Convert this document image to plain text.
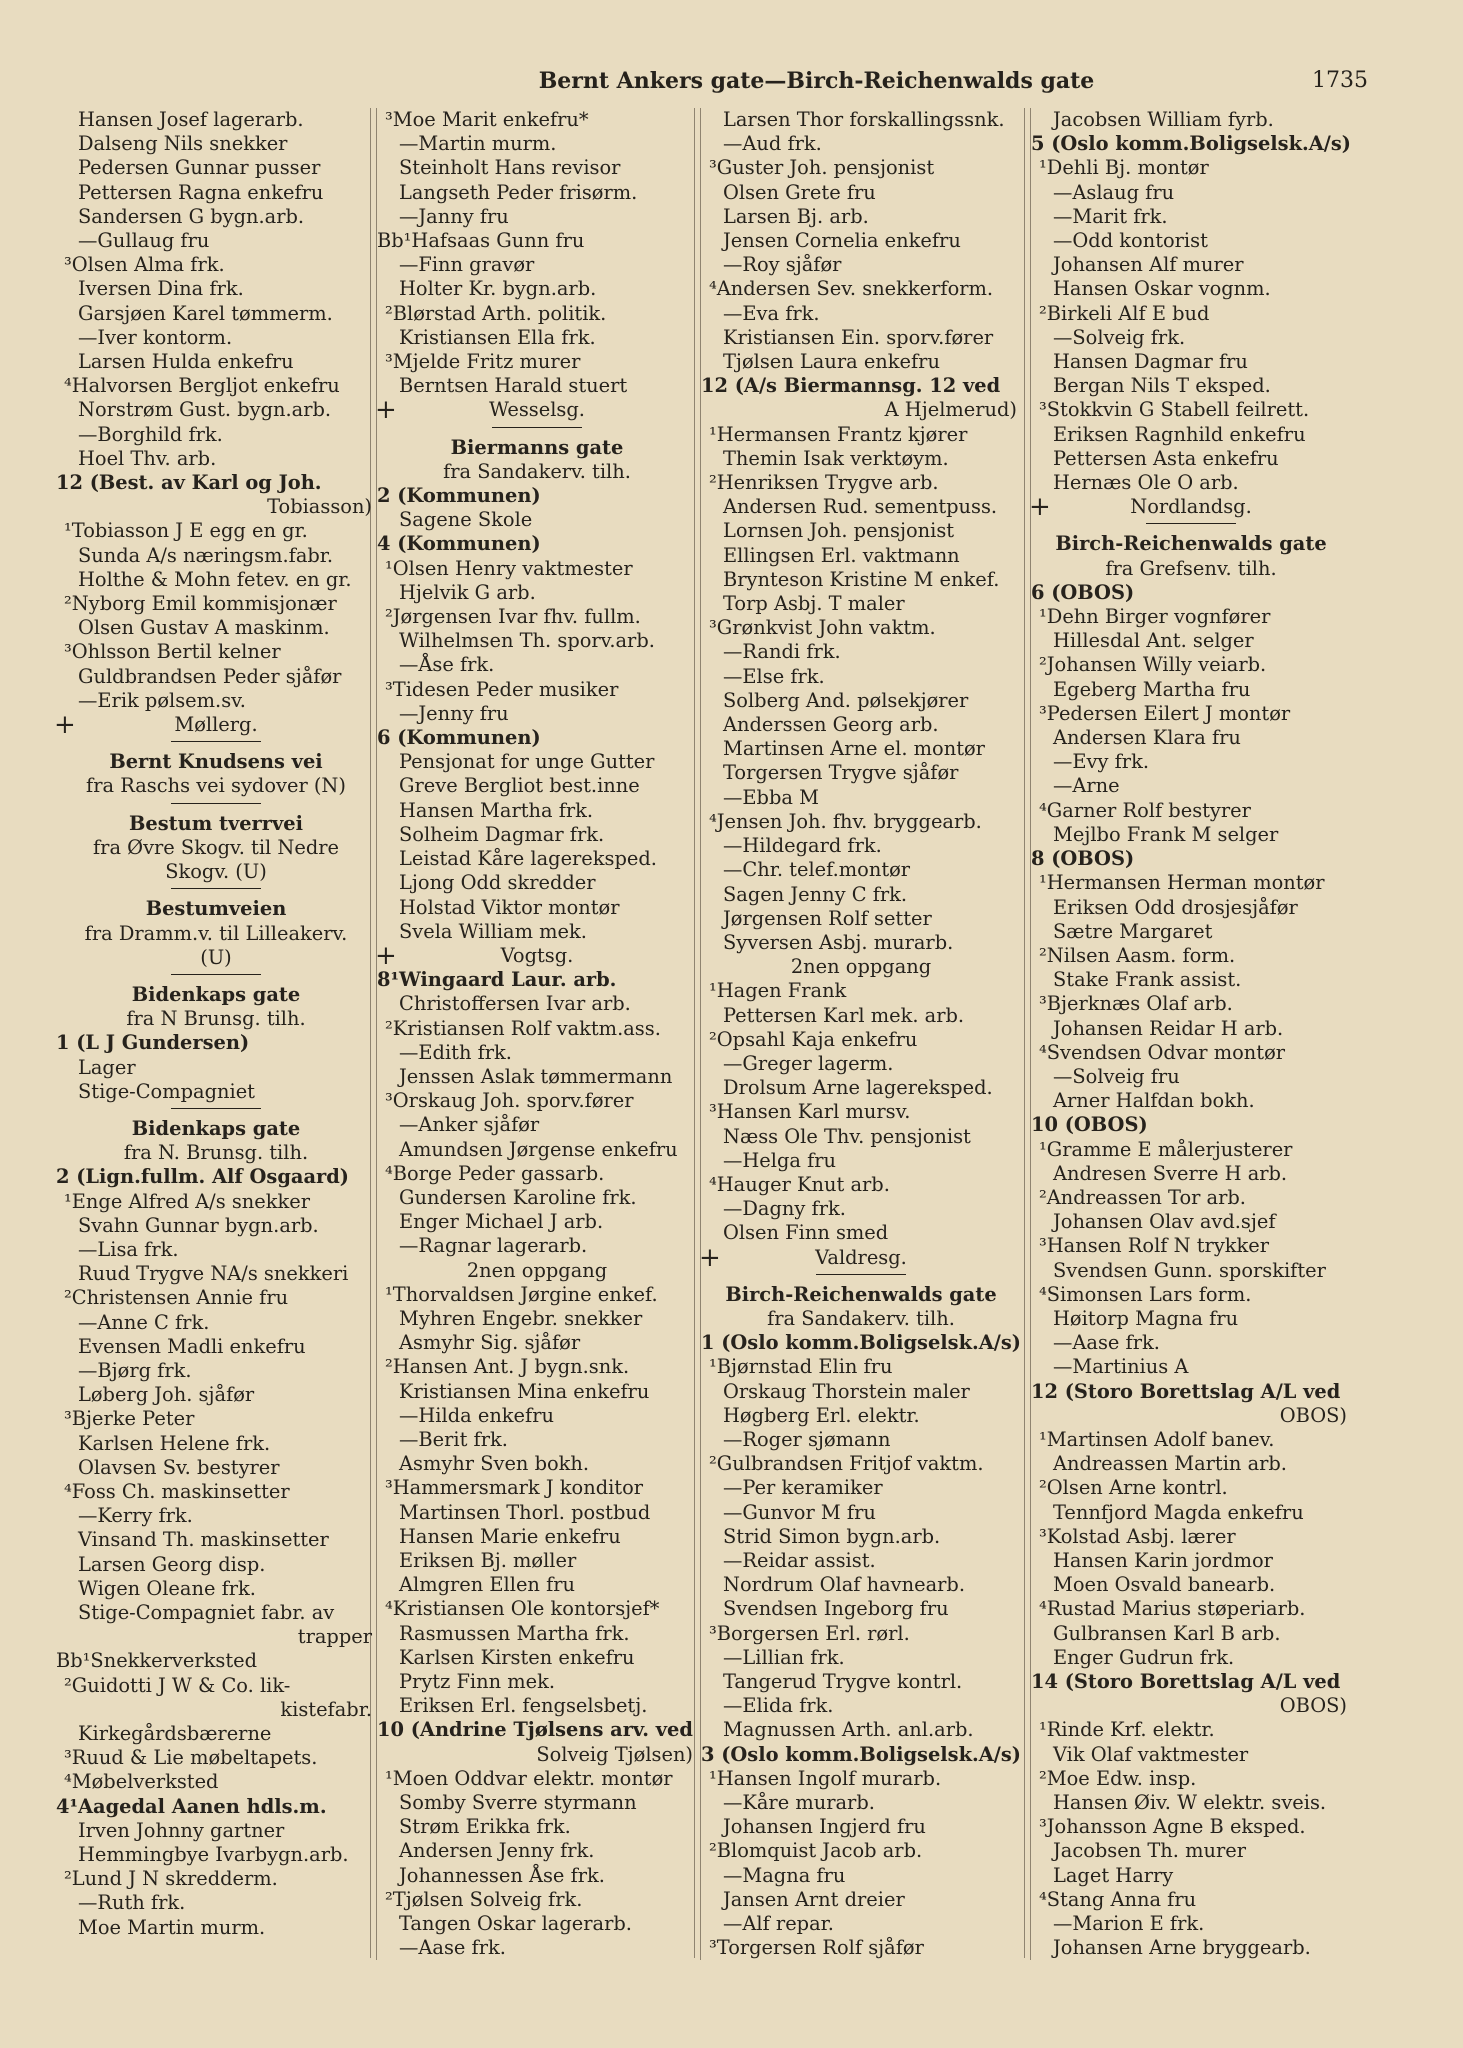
Bernt Ankers gate—Birch-Reichenwalds gate	1735
Hansen Josef lagerarb.
Dalseng Nils snekker
Pedersen Gunnar pusser
Pettersen Ragna enkefru
Sandersen G bygn.arb.
—Gullaug fru
³Olsen Alma frk.
Iversen Dina frk.
Garsjøen Karel tømmerm.
—Iver kontorm.
Larsen Hulda enkefru
⁴Halvorsen Bergljot enkefru
Norstrøm Gust. bygn.arb.
—Borghild frk.
Hoel Thv. arb.
12 (Best. av Karl og Joh.
Tobiasson)
¹Tobiasson J E egg en gr.
Sunda A/s næringsm.fabr.
Holthe & Mohn fetev. en gr.
²Nyborg Emil kommisjonær
Olsen Gustav A maskinm.
³Ohlsson Bertil kelner
Guldbrandsen Peder sjåfør
—Erik pølsem.sv.
+	Møllerg.
Bernt Knudsens vei
fra Raschs vei sydover (N)
Bestum tverrvei
fra Øvre Skogv. til Nedre
Skogv. (U)
Bestumveien
fra Dramm.v. til Lilleakerv.
(U)
Bidenkaps gate
fra N Brunsg. tilh.
1 (L J Gundersen)
Lager
Stige-Compagniet
Bidenkaps gate
fra N. Brunsg. tilh.
2 (Lign.fullm. Alf Osgaard)
¹Enge Alfred A/s snekker
Svahn Gunnar bygn.arb.
—Lisa frk.
Ruud Trygve NA/s snekkeri
²Christensen Annie fru
—Anne C frk.
Evensen Madli enkefru
—Bjørg frk.
Løberg Joh. sjåfør
³Bjerke Peter
Karlsen Helene frk.
Olavsen Sv. bestyrer
⁴Foss Ch. maskinsetter
—Kerry frk.
Vinsand Th. maskinsetter
Larsen Georg disp.
Wigen Oleane frk.
Stige-Compagniet fabr. av
trapper
Bb¹Snekkerverksted
²Guidotti J W & Co. lik-
kistefabr.
Kirkegårdsbærerne
³Ruud & Lie møbeltapets.
⁴Møbelverksted
4¹Aagedal Aanen hdls.m.
Irven Johnny gartner
Hemmingbye Ivarbygn.arb.
²Lund J N skredderm.
—Ruth frk.
Moe Martin murm.
³Moe Marit enkefru*
—Martin murm.
Steinholt Hans revisor
Langseth Peder frisørm.
—Janny fru
Bb¹Hafsaas Gunn fru
—Finn gravør
Holter Kr. bygn.arb.
²Blørstad Arth. politik.
Kristiansen Ella frk.
³Mjelde Fritz murer
Berntsen Harald stuert
+	Wesselsg.
Biermanns gate
fra Sandakerv. tilh.
2 (Kommunen)
Sagene Skole
4 (Kommunen)
¹Olsen Henry vaktmester
Hjelvik G arb.
²Jørgensen Ivar fhv. fullm.
Wilhelmsen Th. sporv.arb.
—Åse frk.
³Tidesen Peder musiker
—Jenny fru
6 (Kommunen)
Pensjonat for unge Gutter
Greve Bergliot best.inne
Hansen Martha frk.
Solheim Dagmar frk.
Leistad Kåre lagereksped.
Ljong Odd skredder
Holstad Viktor montør
Svela William mek.
+	Vogtsg.
8¹Wingaard Laur. arb.
Christoffersen Ivar arb.
²Kristiansen Rolf vaktm.ass.
—Edith frk.
Jenssen Aslak tømmermann
³Orskaug Joh. sporv.fører
—Anker sjåfør
Amundsen Jørgense enkefru
⁴Borge Peder gassarb.
Gundersen Karoline frk.
Enger Michael J arb.
—Ragnar lagerarb.
2nen oppgang
¹Thorvaldsen Jørgine enkef.
Myhren Engebr. snekker
Asmyhr Sig. sjåfør
²Hansen Ant. J bygn.snk.
Kristiansen Mina enkefru
—Hilda enkefru
—Berit frk.
Asmyhr Sven bokh.
³Hammersmark J konditor
Martinsen Thorl. postbud
Hansen Marie enkefru
Eriksen Bj. møller
Almgren Ellen fru
⁴Kristiansen Ole kontorsjef*
Rasmussen Martha frk.
Karlsen Kirsten enkefru
Prytz Finn mek.
Eriksen Erl. fengselsbetj.
10 (Andrine Tjølsens arv. ved
Solveig Tjølsen)
¹Moen Oddvar elektr. montør
Somby Sverre styrmann
Strøm Erikka frk.
Andersen Jenny frk.
Johannessen Åse frk.
²Tjølsen Solveig frk.
Tangen Oskar lagerarb.
—Aase frk.
Larsen Thor forskallingssnk.
—Aud frk.
³Guster Joh. pensjonist
Olsen Grete fru
Larsen Bj. arb.
Jensen Cornelia enkefru
—Roy sjåfør
⁴Andersen Sev. snekkerform.
—Eva frk.
Kristiansen Ein. sporv.fører
Tjølsen Laura enkefru
12 (A/s Biermannsg. 12 ved
A Hjelmerud)
¹Hermansen Frantz kjører
Themin Isak verktøym.
²Henriksen Trygve arb.
Andersen Rud. sementpuss.
Lornsen Joh. pensjonist
Ellingsen Erl. vaktmann
Brynteson Kristine M enkef.
Torp Asbj. T maler
³Grønkvist John vaktm.
—Randi frk.
—Else frk.
Solberg And. pølsekjører
Anderssen Georg arb.
Martinsen Arne el. montør
Torgersen Trygve sjåfør
—Ebba M
⁴Jensen Joh. fhv. bryggearb.
—Hildegard frk.
—Chr. telef.montør
Sagen Jenny C frk.
Jørgensen Rolf setter
Syversen Asbj. murarb.
2nen oppgang
¹Hagen Frank
Pettersen Karl mek. arb.
²Opsahl Kaja enkefru
—Greger lagerm.
Drolsum Arne lagereksped.
³Hansen Karl mursv.
Næss Ole Thv. pensjonist
—Helga fru
⁴Hauger Knut arb.
—Dagny frk.
Olsen Finn smed
+	Valdresg.
Birch-Reichenwalds gate
fra Sandakerv. tilh.
1 (Oslo komm.Boligselsk.A/s)
¹Bjørnstad Elin fru
Orskaug Thorstein maler
Høgberg Erl. elektr.
—Roger sjømann
²Gulbrandsen Fritjof vaktm.
—Per keramiker
—Gunvor M fru
Strid Simon bygn.arb.
—Reidar assist.
Nordrum Olaf havnearb.
Svendsen Ingeborg fru
³Borgersen Erl. rørl.
—Lillian frk.
Tangerud Trygve kontrl.
—Elida frk.
Magnussen Arth. anl.arb.
3 (Oslo komm.Boligselsk.A/s)
¹Hansen Ingolf murarb.
—Kåre murarb.
Johansen Ingjerd fru
²Blomquist Jacob arb.
—Magna fru
Jansen Arnt dreier
—Alf repar.
³Torgersen Rolf sjåfør
Jacobsen William fyrb.
5 (Oslo komm.Boligselsk.A/s)
¹Dehli Bj. montør
—Aslaug fru
—Marit frk.
—Odd kontorist
Johansen Alf murer
Hansen Oskar vognm.
²Birkeli Alf E bud
—Solveig frk.
Hansen Dagmar fru
Bergan Nils T eksped.
³Stokkvin G Stabell feilrett.
Eriksen Ragnhild enkefru
Pettersen Asta enkefru
Hernæs Ole O arb.
+	Nordlandsg.
Birch-Reichenwalds gate
fra Grefsenv. tilh.
6 (OBOS)
¹Dehn Birger vognfører
Hillesdal Ant. selger
²Johansen Willy veiarb.
Egeberg Martha fru
³Pedersen Eilert J montør
Andersen Klara fru
—Evy frk.
—Arne
⁴Garner Rolf bestyrer
Mejlbo Frank M selger
8 (OBOS)
¹Hermansen Herman montør
Eriksen Odd drosjesjåfør
Sætre Margaret
²Nilsen Aasm. form.
Stake Frank assist.
³Bjerknæs Olaf arb.
Johansen Reidar H arb.
⁴Svendsen Odvar montør
—Solveig fru
Arner Halfdan bokh.
10 (OBOS)
¹Gramme E målerjusterer
Andresen Sverre H arb.
²Andreassen Tor arb.
Johansen Olav avd.sjef
³Hansen Rolf N trykker
Svendsen Gunn. sporskifter
⁴Simonsen Lars form.
Høitorp Magna fru
—Aase frk.
—Martinius A
12 (Storo Borettslag A/L ved
OBOS)
¹Martinsen Adolf banev.
Andreassen Martin arb.
²Olsen Arne kontrl.
Tennfjord Magda enkefru
³Kolstad Asbj. lærer
Hansen Karin jordmor
Moen Osvald banearb.
⁴Rustad Marius støperiarb.
Gulbransen Karl B arb.
Enger Gudrun frk.
14 (Storo Borettslag A/L ved
OBOS)
¹Rinde Krf. elektr.
Vik Olaf vaktmester
²Moe Edw. insp.
Hansen Øiv. W elektr. sveis.
³Johansson Agne B eksped.
Jacobsen Th. murer
Laget Harry
⁴Stang Anna fru
—Marion E frk.
Johansen Arne bryggearb.
